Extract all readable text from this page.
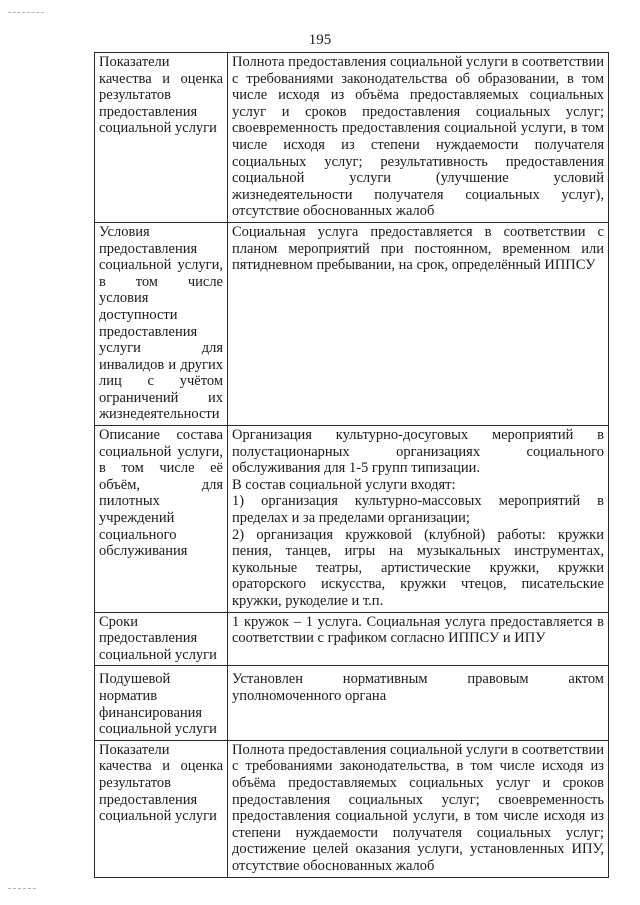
195
Показатели качества и оценка результатов предоставления социальной услуги	Полнота предоставления социальной услуги в соответствии с требованиями законодательства об образовании, в том числе исходя из объёма предоставляемых социальных услуг и сроков предоставления социальных услуг; своевременность предоставления социальной услуги, в том числе исходя из степени нуждаемости получателя социальных услуг; результативность предоставления социальной услуги (улучшение условий жизнедеятельности получателя социальных услуг), отсутствие обоснованных жалоб

Условия предоставления социальной услуги, в том числе условия доступности предоставления услуги для инвалидов и других лиц с учётом ограничений их жизнедеятельности	Социальная услуга предоставляется в соответствии с планом мероприятий при постоянном, временном или пятидневном пребывании, на срок, определённый ИППСУ

Описание состава социальной услуги, в том числе её объём, для пилотных учреждений социального обслуживания	Организация культурно-досуговых мероприятий в полустационарных организациях социального обслуживания для 1-5 групп типизации.
В состав социальной услуги входят:
1) организация культурно-массовых мероприятий в пределах и за пределами организации;
2) организация кружковой (клубной) работы: кружки пения, танцев, игры на музыкальных инструментах, кукольные театры, артистические кружки, кружки ораторского искусства, кружки чтецов, писательские кружки, рукоделие и т.п.

Сроки предоставления социальной услуги	1 кружок – 1 услуга. Социальная услуга предоставляется в соответствии с графиком согласно ИППСУ и ИПУ

Подушевой норматив финансирования социальной услуги	Установлен нормативным правовым актом уполномоченного органа

Показатели качества и оценка результатов предоставления социальной услуги	Полнота предоставления социальной услуги в соответствии с требованиями законодательства, в том числе исходя из объёма предоставляемых социальных услуг и сроков предоставления социальных услуг; своевременность предоставления социальной услуги, в том числе исходя из степени нуждаемости получателя социальных услуг; достижение целей оказания услуги, установленных ИПУ, отсутствие обоснованных жалоб
